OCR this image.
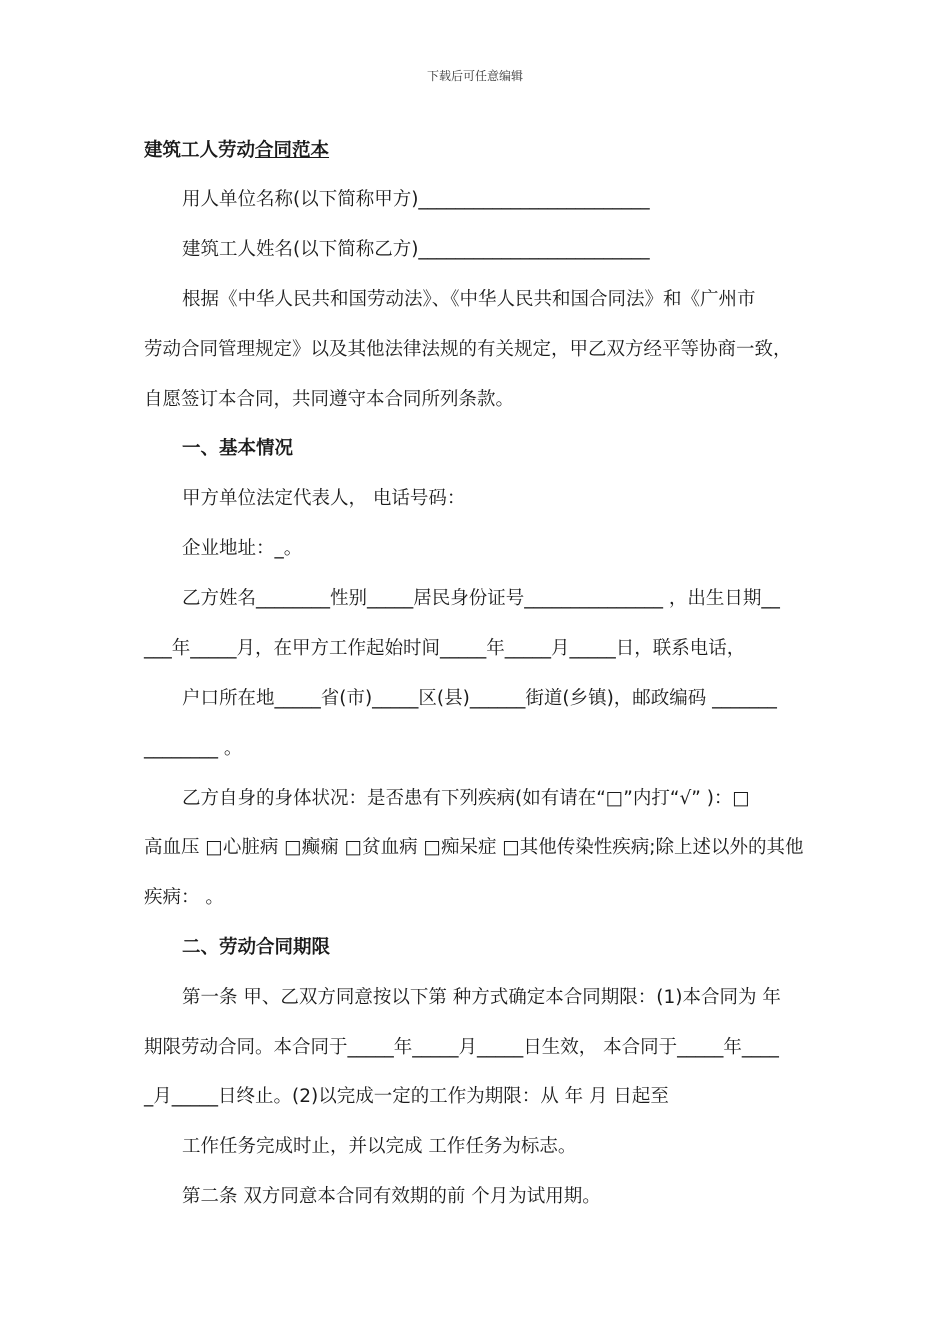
下载后可任意编辑
建筑工人劳动合同范本
用人单位名称(以下简称甲方)_________________________
建筑工人姓名(以下简称乙方)_________________________
根据《中华人民共和国劳动法》、《中华人民共和国合同法》和《广州市
劳动合同管理规定》以及其他法律法规的有关规定，甲乙双方经平等协商一致，
自愿签订本合同，共同遵守本合同所列条款。
一、基本情况
甲方单位法定代表人， 电话号码：
企业地址：_。
乙方姓名________性别_____居民身份证号_______________ ，出生日期__
___年_____月，在甲方工作起始时间_____年_____月_____日，联系电话，
户口所在地_____省(市)_____区(县)______街道(乡镇)，邮政编码 _______
________ 。
乙方自身的身体状况：是否患有下列疾病(如有请在“□”内打“√” )：□
高血压 □心脏病 □癫痫 □贫血病 □痴呆症 □其他传染性疾病;除上述以外的其他
疾病： 。
二、劳动合同期限
第一条 甲、乙双方同意按以下第 种方式确定本合同期限：(1)本合同为 年
期限劳动合同。本合同于_____年_____月_____日生效， 本合同于_____年____
_月_____日终止。(2)以完成一定的工作为期限：从 年 月 日起至
工作任务完成时止，并以完成 工作任务为标志。
第二条 双方同意本合同有效期的前 个月为试用期。
